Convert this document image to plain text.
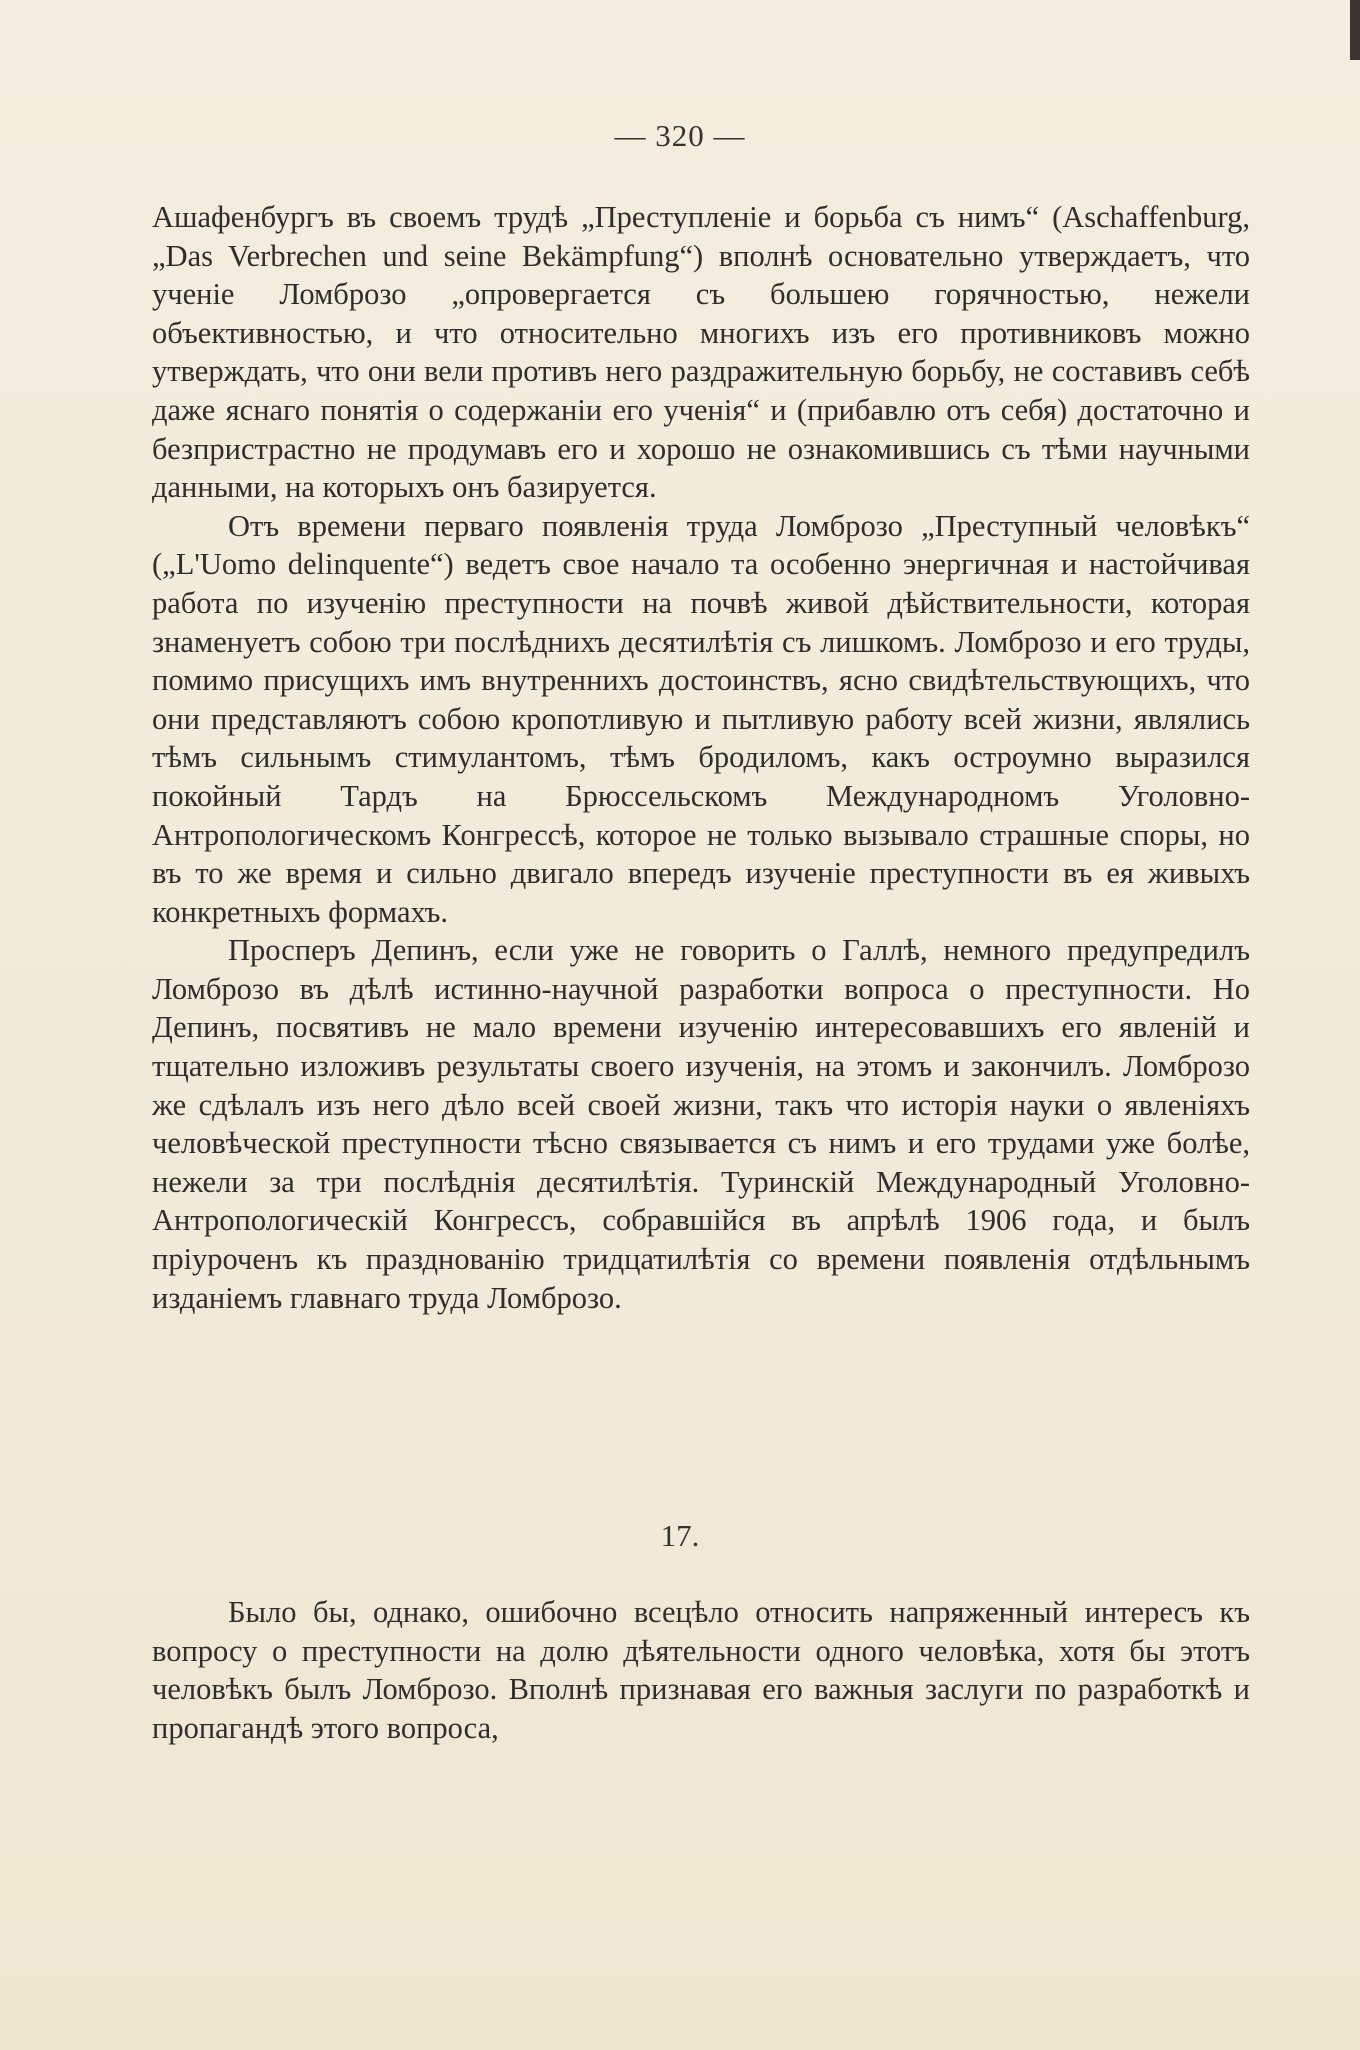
— 320 —

Ашафенбургъ въ своемъ трудѣ „Преступленіе и борьба съ нимъ“ (Aschaffenburg, „Das Verbrechen und seine Bekämpfung“) вполнѣ основательно утверждаетъ, что ученіе Ломброзо „опровергается съ большею горячностью, нежели объективностью, и что относительно многихъ изъ его противниковъ можно утверждать, что они вели противъ него раздражительную борьбу, не составивъ себѣ даже яснаго понятія о содержаніи его ученія“ и (прибавлю отъ себя) достаточно и безпристрастно не продумавъ его и хорошо не ознакомившись съ тѣми научными данными, на которыхъ онъ базируется.

Отъ времени перваго появленія труда Ломброзо „Преступный человѣкъ“ („L'Uomo delinquente“) ведетъ свое начало та особенно энергичная и настойчивая работа по изученію преступности на почвѣ живой дѣйствительности, которая знаменуетъ собою три послѣднихъ десятилѣтія съ лишкомъ. Ломброзо и его труды, помимо присущихъ имъ внутреннихъ достоинствъ, ясно свидѣтельствующихъ, что они представляютъ собою кропотливую и пытливую работу всей жизни, являлись тѣмъ сильнымъ стимулантомъ, тѣмъ бродиломъ, какъ остроумно выразился покойный Тардъ на Брюссельскомъ Международномъ Уголовно-Антропологическомъ Конгрессѣ, которое не только вызывало страшные споры, но въ то же время и сильно двигало впередъ изученіе преступности въ ея живыхъ конкретныхъ формахъ.

Просперъ Депинъ, если уже не говорить о Галлѣ, немного предупредилъ Ломброзо въ дѣлѣ истинно-научной разработки вопроса о преступности. Но Депинъ, посвятивъ не мало времени изученію интересовавшихъ его явленій и тщательно изложивъ результаты своего изученія, на этомъ и закончилъ. Ломброзо же сдѣлалъ изъ него дѣло всей своей жизни, такъ что исторія науки о явленіяхъ человѣческой преступности тѣсно связывается съ нимъ и его трудами уже болѣе, нежели за три послѣднія десятилѣтія. Туринскій Международный Уголовно-Антропологическій Конгрессъ, собравшійся въ апрѣлѣ 1906 года, и былъ пріуроченъ къ празднованію тридцатилѣтія со времени появленія отдѣльнымъ изданіемъ главнаго труда Ломброзо.

17.

Было бы, однако, ошибочно всецѣло относить напряженный интересъ къ вопросу о преступности на долю дѣятельности одного человѣка, хотя бы этотъ человѣкъ былъ Ломброзо. Вполнѣ признавая его важныя заслуги по разработкѣ и пропагандѣ этого вопроса,
